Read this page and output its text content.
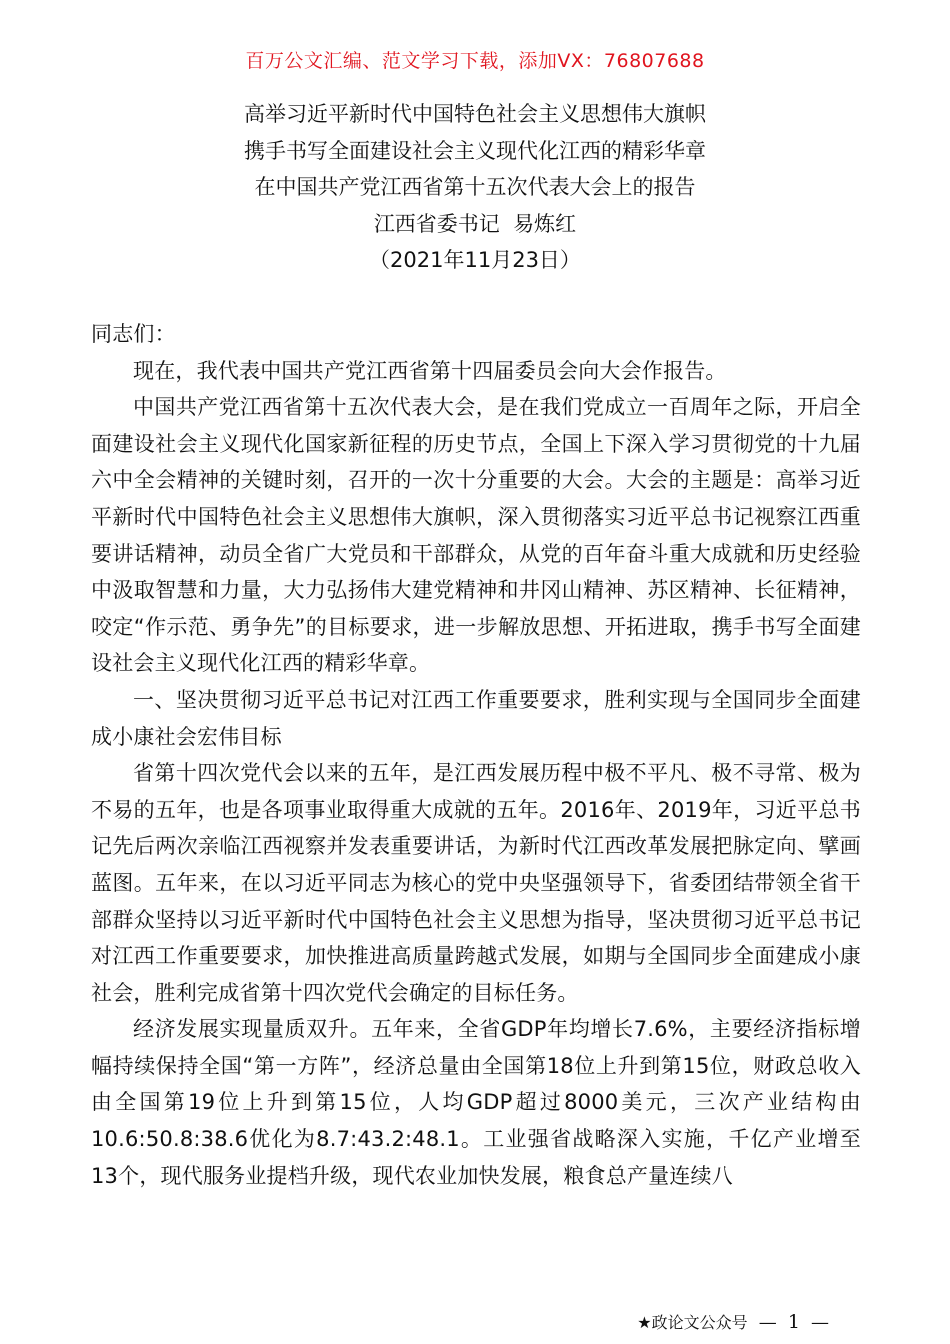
百万公文汇编、范文学习下载，添加VX：76807688
高举习近平新时代中国特色社会主义思想伟大旗帜
携手书写全面建设社会主义现代化江西的精彩华章
在中国共产党江西省第十五次代表大会上的报告
江西省委书记  易炼红
（2021年11月23日）

同志们：

现在，我代表中国共产党江西省第十四届委员会向大会作报告。

中国共产党江西省第十五次代表大会，是在我们党成立一百周年之际，开启全面建设社会主义现代化国家新征程的历史节点，全国上下深入学习贯彻党的十九届六中全会精神的关键时刻，召开的一次十分重要的大会。大会的主题是：高举习近平新时代中国特色社会主义思想伟大旗帜，深入贯彻落实习近平总书记视察江西重要讲话精神，动员全省广大党员和干部群众，从党的百年奋斗重大成就和历史经验中汲取智慧和力量，大力弘扬伟大建党精神和井冈山精神、苏区精神、长征精神，咬定“作示范、勇争先”的目标要求，进一步解放思想、开拓进取，携手书写全面建设社会主义现代化江西的精彩华章。

一、坚决贯彻习近平总书记对江西工作重要要求，胜利实现与全国同步全面建成小康社会宏伟目标

省第十四次党代会以来的五年，是江西发展历程中极不平凡、极不寻常、极为不易的五年，也是各项事业取得重大成就的五年。2016年、2019年，习近平总书记先后两次亲临江西视察并发表重要讲话，为新时代江西改革发展把脉定向、擘画蓝图。五年来，在以习近平同志为核心的党中央坚强领导下，省委团结带领全省干部群众坚持以习近平新时代中国特色社会主义思想为指导，坚决贯彻习近平总书记对江西工作重要要求，加快推进高质量跨越式发展，如期与全国同步全面建成小康社会，胜利完成省第十四次党代会确定的目标任务。

经济发展实现量质双升。五年来，全省GDP年均增长7.6%，主要经济指标增幅持续保持全国“第一方阵”，经济总量由全国第18位上升到第15位，财政总收入由全国第19位上升到第15位，人均GDP超过8000美元，三次产业结构由10.6:50.8:38.6优化为8.7:43.2:48.1。工业强省战略深入实施，千亿产业增至13个，现代服务业提档升级，现代农业加快发展，粮食总产量连续八

★政论文公众号 — 1 —
